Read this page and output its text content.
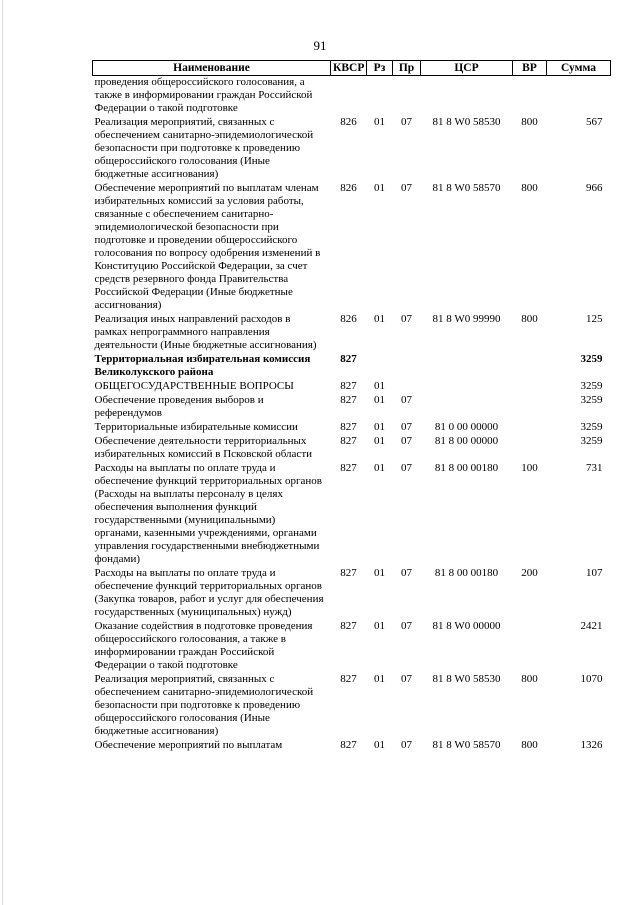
91
Наименование	КВСР	Рз	Пр	ЦСР	ВР	Сумма
проведения общероссийского голосования, а также в информировании граждан Российской Федерации о такой подготовке						
Реализация мероприятий, связанных с обеспечением санитарно-эпидемиологической безопасности при подготовке к проведению общероссийского голосования (Иные бюджетные ассигнования)	826	01	07	81 8 W0 58530	800	567
Обеспечение мероприятий по выплатам членам избирательных комиссий за условия работы, связанные с обеспечением санитарно-эпидемиологической безопасности при подготовке и проведении общероссийского голосования по вопросу одобрения изменений в Конституцию Российской Федерации, за счет средств резервного фонда Правительства Российской Федерации (Иные бюджетные ассигнования)	826	01	07	81 8 W0 58570	800	966
Реализация иных направлений расходов в рамках непрограммного направления деятельности (Иные бюджетные ассигнования)	826	01	07	81 8 W0 99990	800	125
Территориальная избирательная комиссия Великолукского района	827					3259
ОБЩЕГОСУДАРСТВЕННЫЕ ВОПРОСЫ	827	01				3259
Обеспечение проведения выборов и референдумов	827	01	07			3259
Территориальные избирательные комиссии	827	01	07	81 0 00 00000		3259
Обеспечение деятельности территориальных избирательных комиссий в Псковской области	827	01	07	81 8 00 00000		3259
Расходы на выплаты по оплате труда и обеспечение функций территориальных органов (Расходы на выплаты персоналу в целях обеспечения выполнения функций государственными (муниципальными) органами, казенными учреждениями, органами управления государственными внебюджетными фондами)	827	01	07	81 8 00 00180	100	731
Расходы на выплаты по оплате труда и обеспечение функций территориальных органов (Закупка товаров, работ и услуг для обеспечения государственных (муниципальных) нужд)	827	01	07	81 8 00 00180	200	107
Оказание содействия в подготовке проведения общероссийского голосования, а также в информировании граждан Российской Федерации о такой подготовке	827	01	07	81 8 W0 00000		2421
Реализация мероприятий, связанных с обеспечением санитарно-эпидемиологической безопасности при подготовке к проведению общероссийского голосования (Иные бюджетные ассигнования)	827	01	07	81 8 W0 58530	800	1070
Обеспечение мероприятий по выплатам	827	01	07	81 8 W0 58570	800	1326
